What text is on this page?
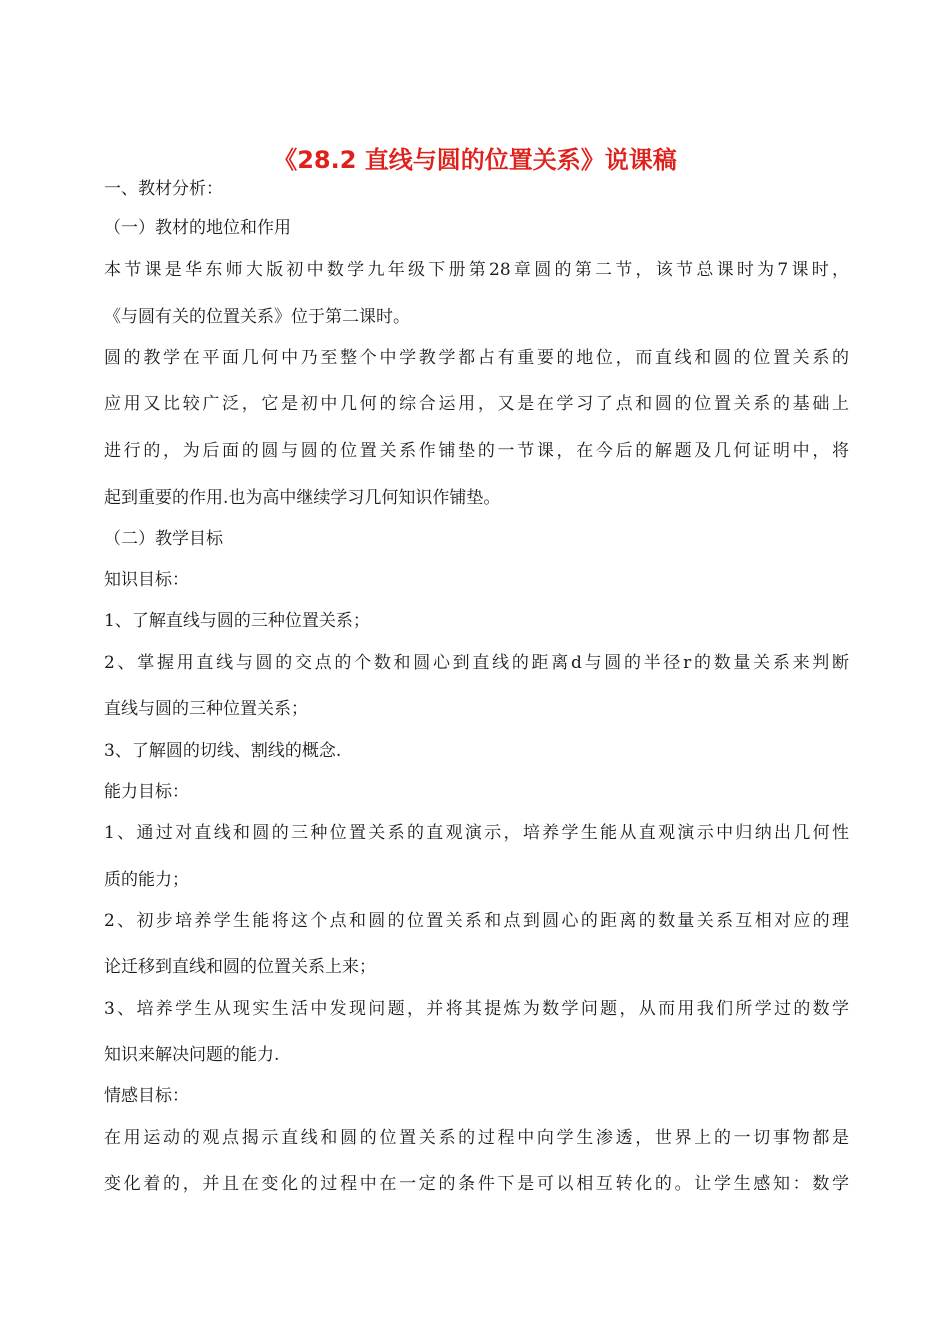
《28.2 直线与圆的位置关系》说课稿
一、教材分析：
（一）教材的地位和作用
本节课是华东师大版初中数学九年级下册第28章圆的第二节，该节总课时为7课时，
《与圆有关的位置关系》位于第二课时。
圆的教学在平面几何中乃至整个中学教学都占有重要的地位，而直线和圆的位置关系的
应用又比较广泛，它是初中几何的综合运用，又是在学习了点和圆的位置关系的基础上
进行的，为后面的圆与圆的位置关系作铺垫的一节课，在今后的解题及几何证明中，将
起到重要的作用.也为高中继续学习几何知识作铺垫。
（二）教学目标
知识目标：
1、了解直线与圆的三种位置关系；
2、掌握用直线与圆的交点的个数和圆心到直线的距离d与圆的半径r的数量关系来判断
直线与圆的三种位置关系；
3、了解圆的切线、割线的概念.
能力目标：
1、通过对直线和圆的三种位置关系的直观演示，培养学生能从直观演示中归纳出几何性
质的能力；
2、初步培养学生能将这个点和圆的位置关系和点到圆心的距离的数量关系互相对应的理
论迁移到直线和圆的位置关系上来；
3、培养学生从现实生活中发现问题，并将其提炼为数学问题，从而用我们所学过的数学
知识来解决问题的能力.
情感目标：
在用运动的观点揭示直线和圆的位置关系的过程中向学生渗透，世界上的一切事物都是
变化着的，并且在变化的过程中在一定的条件下是可以相互转化的。让学生感知：数学
